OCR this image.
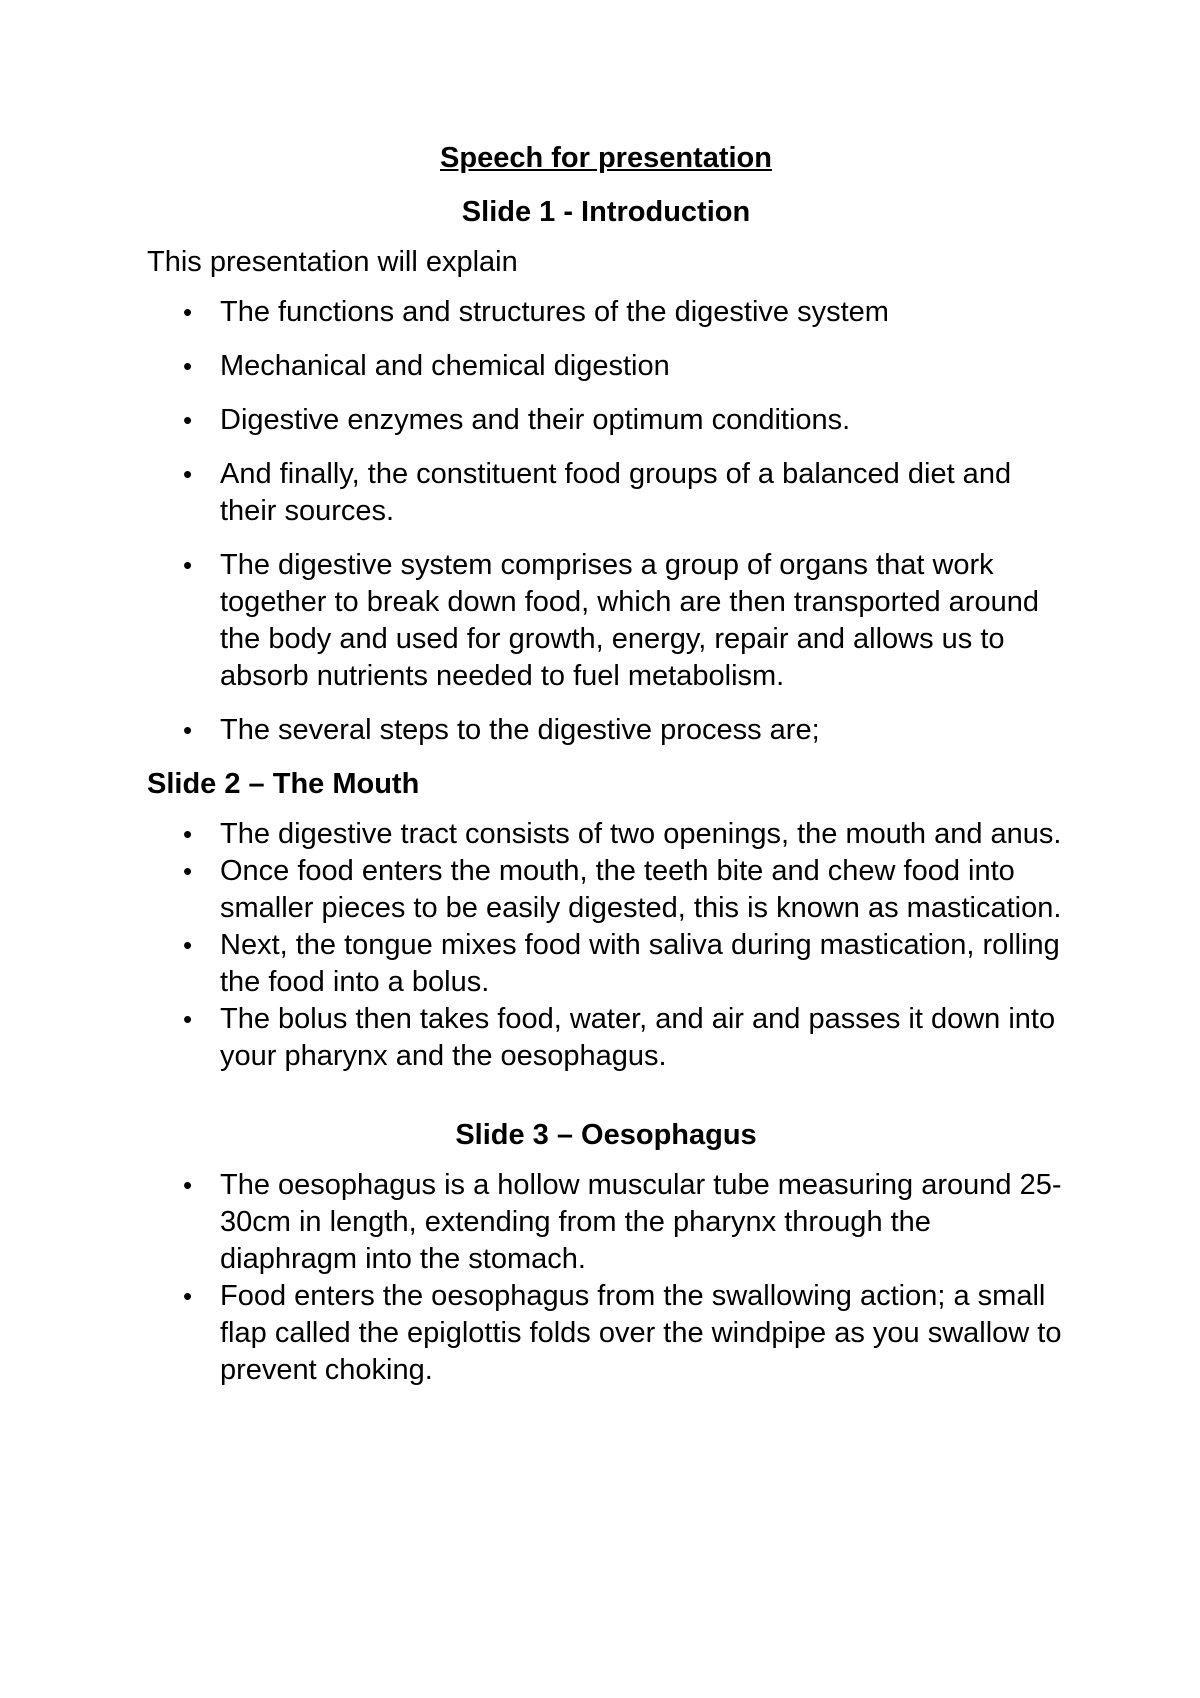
Speech for presentation
Slide 1 - Introduction
This presentation will explain
• The functions and structures of the digestive system
• Mechanical and chemical digestion
• Digestive enzymes and their optimum conditions.
• And finally, the constituent food groups of a balanced diet and their sources.
• The digestive system comprises a group of organs that work together to break down food, which are then transported around the body and used for growth, energy, repair and allows us to absorb nutrients needed to fuel metabolism.
• The several steps to the digestive process are;
Slide 2 – The Mouth
• The digestive tract consists of two openings, the mouth and anus.
• Once food enters the mouth, the teeth bite and chew food into smaller pieces to be easily digested, this is known as mastication.
• Next, the tongue mixes food with saliva during mastication, rolling the food into a bolus.
• The bolus then takes food, water, and air and passes it down into your pharynx and the oesophagus.
Slide 3 – Oesophagus
• The oesophagus is a hollow muscular tube measuring around 25-30cm in length, extending from the pharynx through the diaphragm into the stomach.
• Food enters the oesophagus from the swallowing action; a small flap called the epiglottis folds over the windpipe as you swallow to prevent choking.
